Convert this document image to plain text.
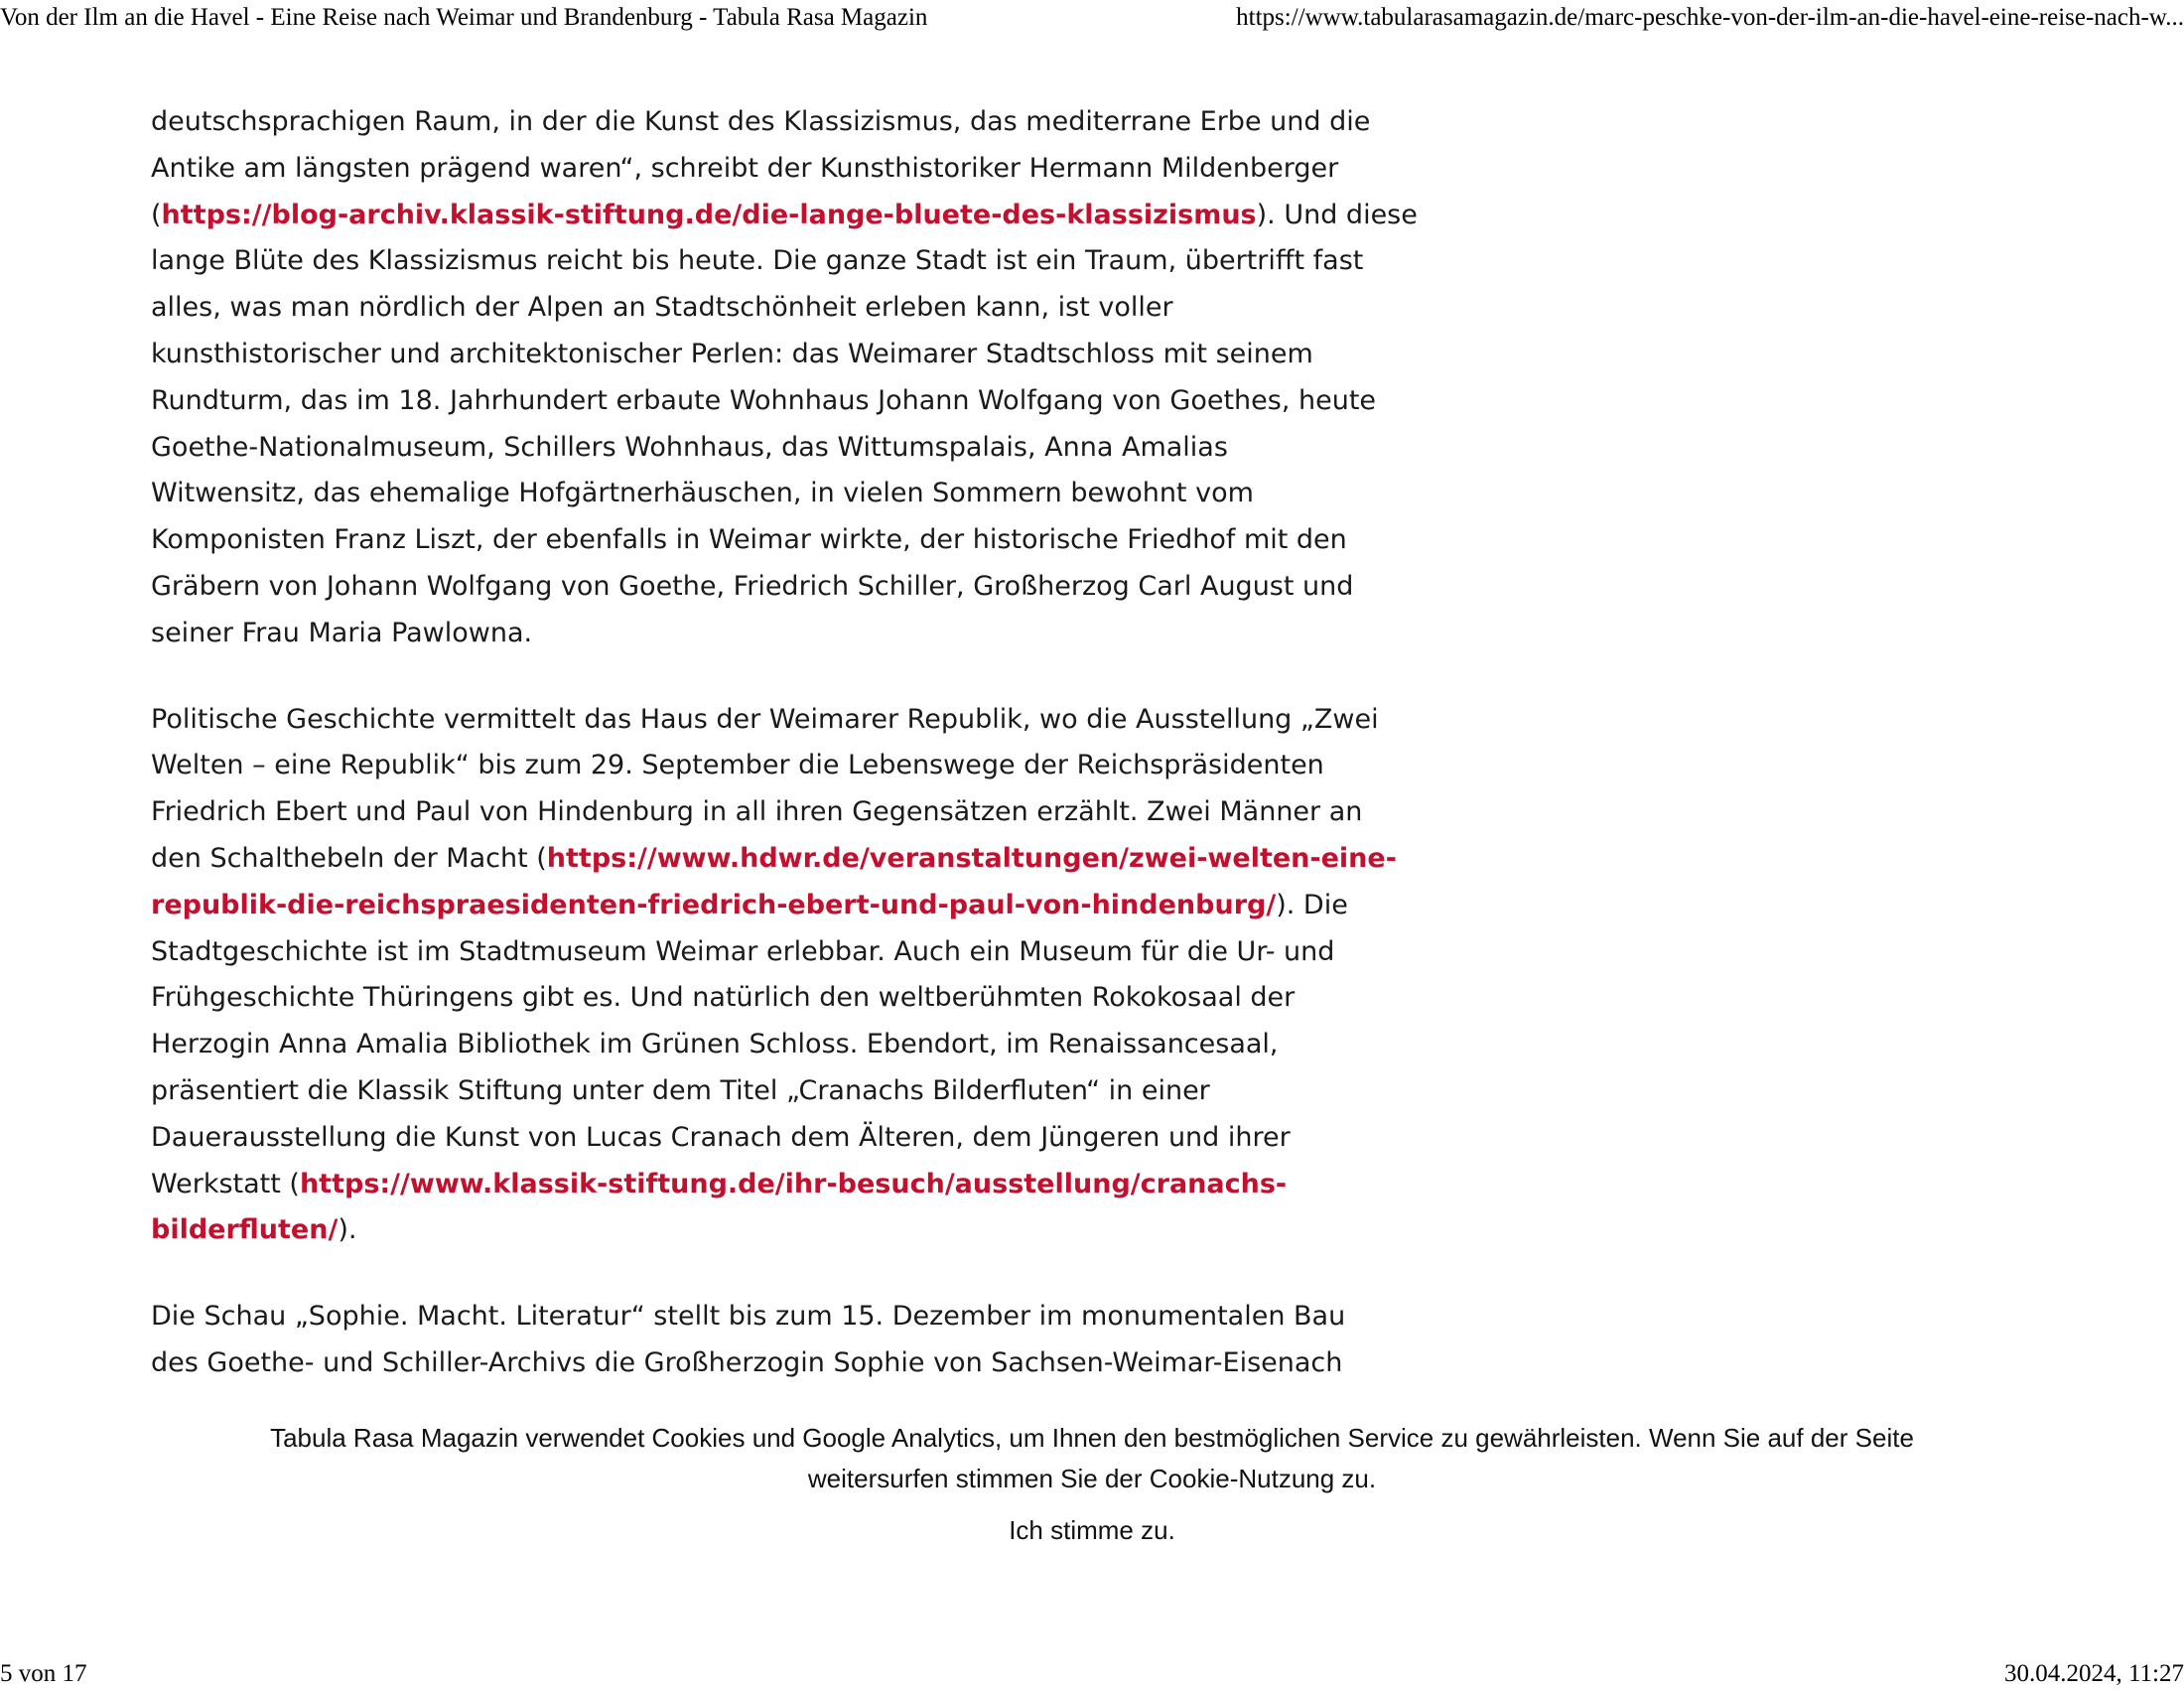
Von der Ilm an die Havel - Eine Reise nach Weimar und Brandenburg - Tabula Rasa Magazin	https://www.tabularasamagazin.de/marc-peschke-von-der-ilm-an-die-havel-eine-reise-nach-w...

deutschsprachigen Raum, in der die Kunst des Klassizismus, das mediterrane Erbe und die
Antike am längsten prägend waren“, schreibt der Kunsthistoriker Hermann Mildenberger
(https://blog-archiv.klassik-stiftung.de/die-lange-bluete-des-klassizismus). Und diese
lange Blüte des Klassizismus reicht bis heute. Die ganze Stadt ist ein Traum, übertrifft fast
alles, was man nördlich der Alpen an Stadtschönheit erleben kann, ist voller
kunsthistorischer und architektonischer Perlen: das Weimarer Stadtschloss mit seinem
Rundturm, das im 18. Jahrhundert erbaute Wohnhaus Johann Wolfgang von Goethes, heute
Goethe-Nationalmuseum, Schillers Wohnhaus, das Wittumspalais, Anna Amalias
Witwensitz, das ehemalige Hofgärtnerhäuschen, in vielen Sommern bewohnt vom
Komponisten Franz Liszt, der ebenfalls in Weimar wirkte, der historische Friedhof mit den
Gräbern von Johann Wolfgang von Goethe, Friedrich Schiller, Großherzog Carl August und
seiner Frau Maria Pawlowna.

Politische Geschichte vermittelt das Haus der Weimarer Republik, wo die Ausstellung „Zwei
Welten – eine Republik“ bis zum 29. September die Lebenswege der Reichspräsidenten
Friedrich Ebert und Paul von Hindenburg in all ihren Gegensätzen erzählt. Zwei Männer an
den Schalthebeln der Macht (https://www.hdwr.de/veranstaltungen/zwei-welten-eine-
republik-die-reichspraesidenten-friedrich-ebert-und-paul-von-hindenburg/). Die
Stadtgeschichte ist im Stadtmuseum Weimar erlebbar. Auch ein Museum für die Ur- und
Frühgeschichte Thüringens gibt es. Und natürlich den weltberühmten Rokokosaal der
Herzogin Anna Amalia Bibliothek im Grünen Schloss. Ebendort, im Renaissancesaal,
präsentiert die Klassik Stiftung unter dem Titel „Cranachs Bilderfluten“ in einer
Dauerausstellung die Kunst von Lucas Cranach dem Älteren, dem Jüngeren und ihrer
Werkstatt (https://www.klassik-stiftung.de/ihr-besuch/ausstellung/cranachs-
bilderfluten/).

Die Schau „Sophie. Macht. Literatur“ stellt bis zum 15. Dezember im monumentalen Bau
des Goethe- und Schiller-Archivs die Großherzogin Sophie von Sachsen-Weimar-Eisenach

Tabula Rasa Magazin verwendet Cookies und Google Analytics, um Ihnen den bestmöglichen Service zu gewährleisten. Wenn Sie auf der Seite
weitersurfen stimmen Sie der Cookie-Nutzung zu.
Ich stimme zu.
5 von 17	30.04.2024, 11:27
